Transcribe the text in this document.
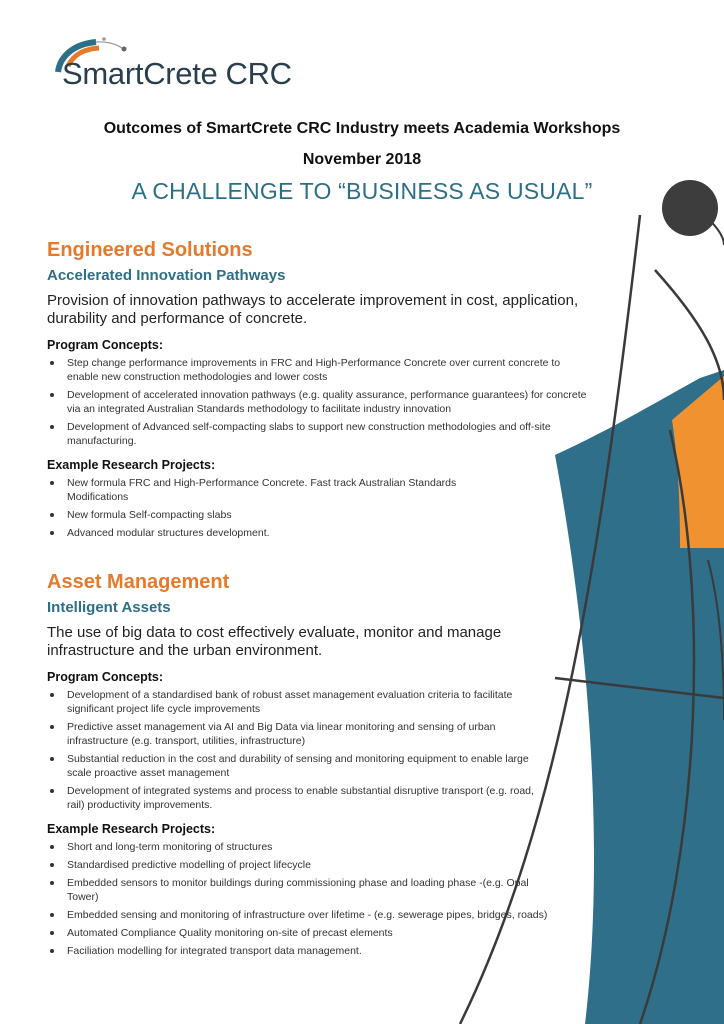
SmartCrete CRC
Outcomes of SmartCrete CRC Industry meets Academia Workshops
November 2018
A CHALLENGE TO “BUSINESS AS USUAL”
Engineered Solutions
Accelerated Innovation Pathways

Provision of innovation pathways to accelerate improvement in cost, application, durability and performance of concrete.

Program Concepts:
Step change performance improvements in FRC and High-Performance Concrete over current concrete to enable new construction methodologies and lower costs
Development of accelerated innovation pathways (e.g. quality assurance, performance guarantees) for concrete via an integrated Australian Standards methodology to facilitate industry innovation
Development of Advanced self-compacting slabs to support new construction methodologies and off-site manufacturing.
Example Research Projects:
New formula FRC and High-Performance Concrete. Fast track Australian Standards Modifications
New formula Self-compacting slabs
Advanced modular structures development.
Asset Management
Intelligent Assets

The use of big data to cost effectively evaluate, monitor and manage infrastructure and the urban environment.

Program Concepts:
Development of a standardised bank of robust asset management evaluation criteria to facilitate significant project life cycle improvements
Predictive asset management via AI and Big Data via linear monitoring and sensing of urban infrastructure (e.g. transport, utilities, infrastructure)
Substantial reduction in the cost and durability of sensing and monitoring equipment to enable large scale proactive asset management
Development of integrated systems and process to enable substantial disruptive transport (e.g. road, rail) productivity improvements.
Example Research Projects:
Short and long-term monitoring of structures
Standardised predictive modelling of project lifecycle
Embedded sensors to monitor buildings during commissioning phase and loading phase -(e.g. Opal Tower)
Embedded sensing and monitoring of infrastructure over lifetime - (e.g. sewerage pipes, bridges, roads)
Automated Compliance Quality monitoring on-site of precast elements
Faciliation modelling for integrated transport data management.
